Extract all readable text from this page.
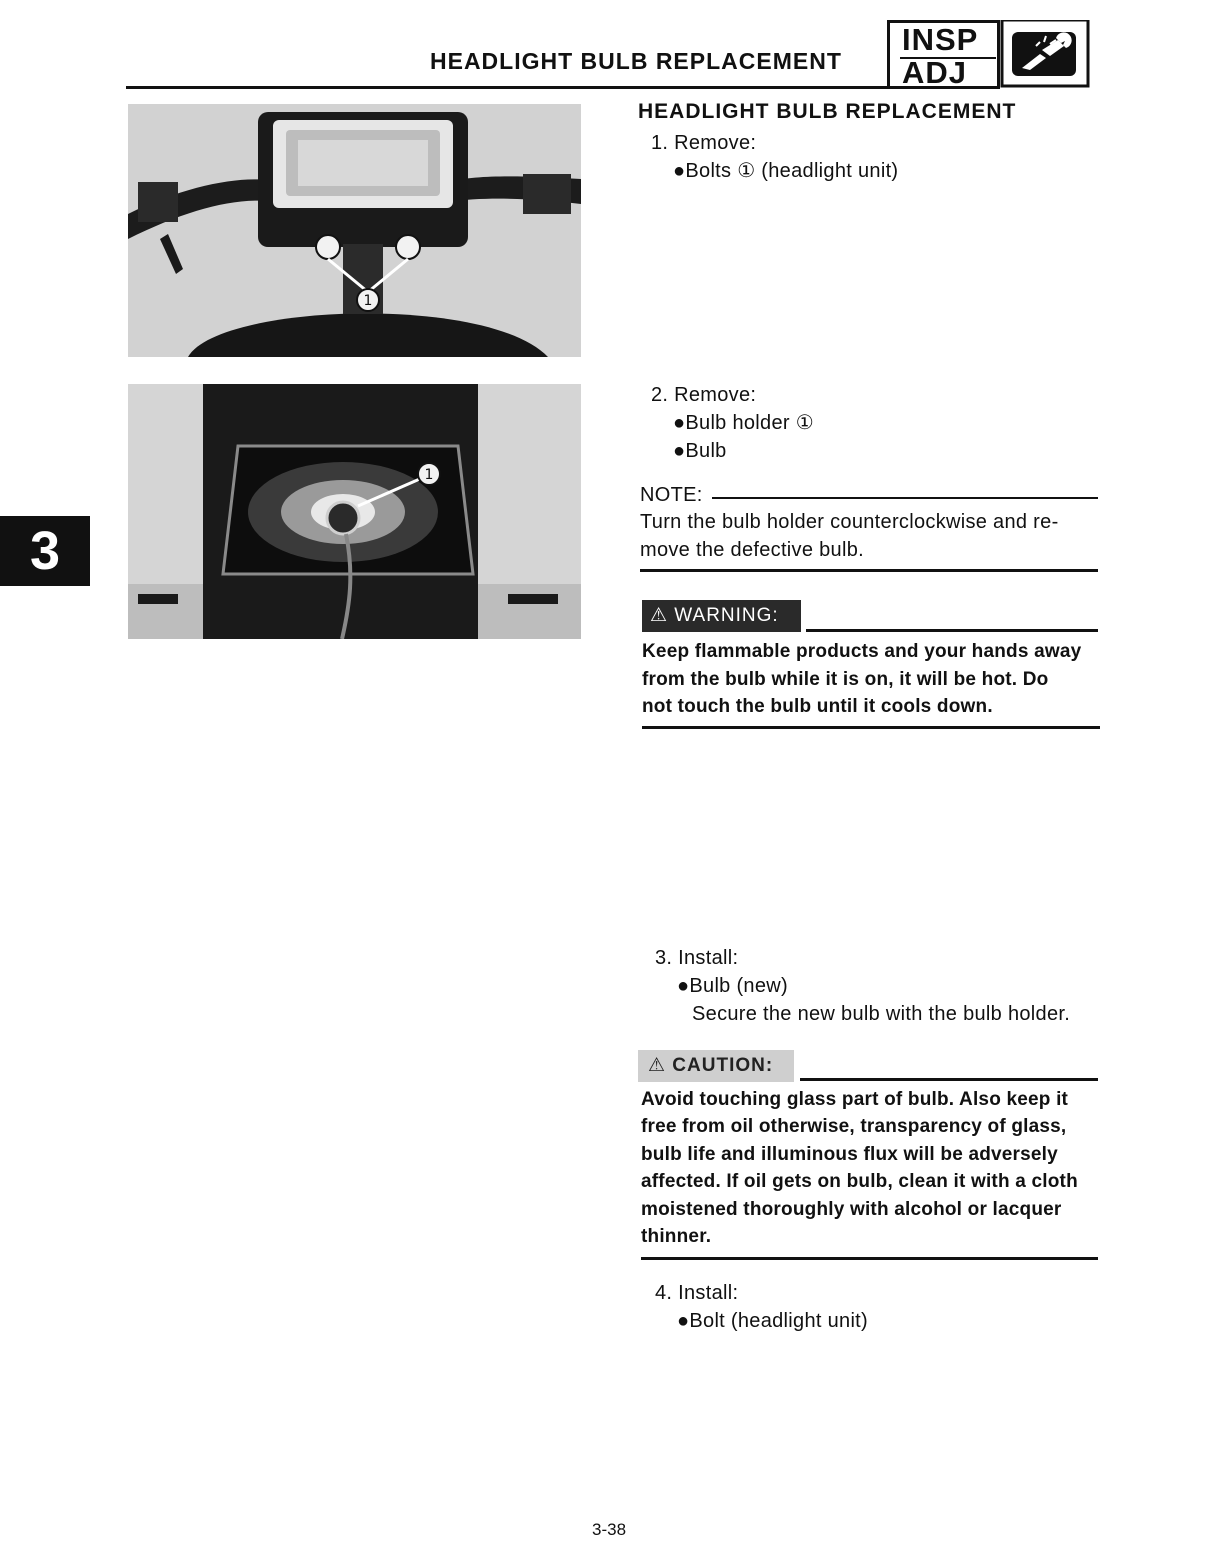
HEADLIGHT BULB REPLACEMENT
INSP
ADJ
3
1
1
HEADLIGHT BULB REPLACEMENT
1. Remove:
●Bolts ① (headlight unit)
2. Remove:
●Bulb holder ①
●Bulb
NOTE:
Turn the bulb holder counterclockwise and re-
move the defective bulb.
⚠ WARNING:
Keep flammable products and your hands away
from the bulb while it is on, it will be hot. Do
not touch the bulb until it cools down.
3. Install:
●Bulb (new)
Secure the new bulb with the bulb holder.
⚠ CAUTION:
Avoid touching glass part of bulb. Also keep it
free from oil otherwise, transparency of glass,
bulb life and illuminous flux will be adversely
affected. If oil gets on bulb, clean it with a cloth
moistened thoroughly with alcohol or lacquer
thinner.
4. Install:
●Bolt (headlight unit)
3-38
